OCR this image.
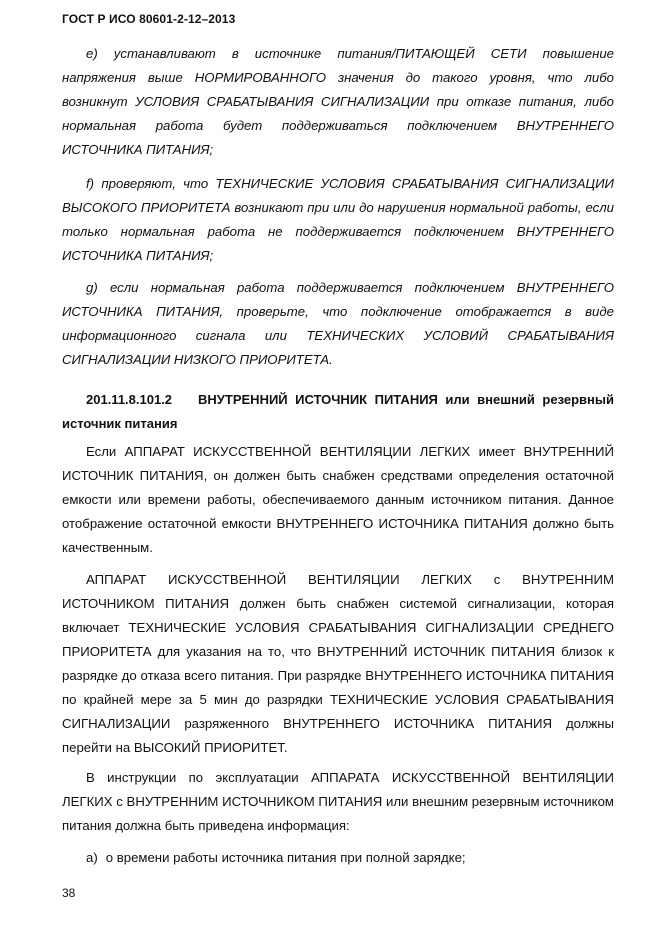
ГОСТ Р ИСО 80601-2-12–2013
e) устанавливают в источнике питания/ПИТАЮЩЕЙ СЕТИ повышение напряжения выше НОРМИРОВАННОГО значения до такого уровня, что либо возникнут УСЛОВИЯ СРАБАТЫВАНИЯ СИГНАЛИЗАЦИИ при отказе питания, либо нормальная работа будет поддерживаться подключением ВНУТРЕННЕГО ИСТОЧНИКА ПИТАНИЯ;
f) проверяют, что ТЕХНИЧЕСКИЕ УСЛОВИЯ СРАБАТЫВАНИЯ СИГНАЛИЗАЦИИ ВЫСОКОГО ПРИОРИТЕТА возникают при или до нарушения нормальной работы, если только нормальная работа не поддерживается подключением ВНУТРЕННЕГО ИСТОЧНИКА ПИТАНИЯ;
g) если нормальная работа поддерживается подключением ВНУТРЕННЕГО ИСТОЧНИКА ПИТАНИЯ, проверьте, что подключение отображается в виде информационного сигнала или ТЕХНИЧЕСКИХ УСЛОВИЙ СРАБАТЫВАНИЯ СИГНАЛИЗАЦИИ НИЗКОГО ПРИОРИТЕТА.
201.11.8.101.2 ВНУТРЕННИЙ ИСТОЧНИК ПИТАНИЯ или внешний резервный источник питания
Если АППАРАТ ИСКУССТВЕННОЙ ВЕНТИЛЯЦИИ ЛЕГКИХ имеет ВНУТРЕННИЙ ИСТОЧНИК ПИТАНИЯ, он должен быть снабжен средствами определения остаточной емкости или времени работы, обеспечиваемого данным источником питания. Данное отображение остаточной емкости ВНУТРЕННЕГО ИСТОЧНИКА ПИТАНИЯ должно быть качественным.
АППАРАТ ИСКУССТВЕННОЙ ВЕНТИЛЯЦИИ ЛЕГКИХ с ВНУТРЕННИМ ИСТОЧНИКОМ ПИТАНИЯ должен быть снабжен системой сигнализации, которая включает ТЕХНИЧЕСКИЕ УСЛОВИЯ СРАБАТЫВАНИЯ СИГНАЛИЗАЦИИ СРЕДНЕГО ПРИОРИТЕТА для указания на то, что ВНУТРЕННИЙ ИСТОЧНИК ПИТАНИЯ близок к разрядке до отказа всего питания. При разрядке ВНУТРЕННЕГО ИСТОЧНИКА ПИТАНИЯ по крайней мере за 5 мин до разрядки ТЕХНИЧЕСКИЕ УСЛОВИЯ СРАБАТЫВАНИЯ СИГНАЛИЗАЦИИ разряженного ВНУТРЕННЕГО ИСТОЧНИКА ПИТАНИЯ должны перейти на ВЫСОКИЙ ПРИОРИТЕТ.
В инструкции по эксплуатации АППАРАТА ИСКУССТВЕННОЙ ВЕНТИЛЯЦИИ ЛЕГКИХ с ВНУТРЕННИМ ИСТОЧНИКОМ ПИТАНИЯ или внешним резервным источником питания должна быть приведена информация:
а) о времени работы источника питания при полной зарядке;
38
